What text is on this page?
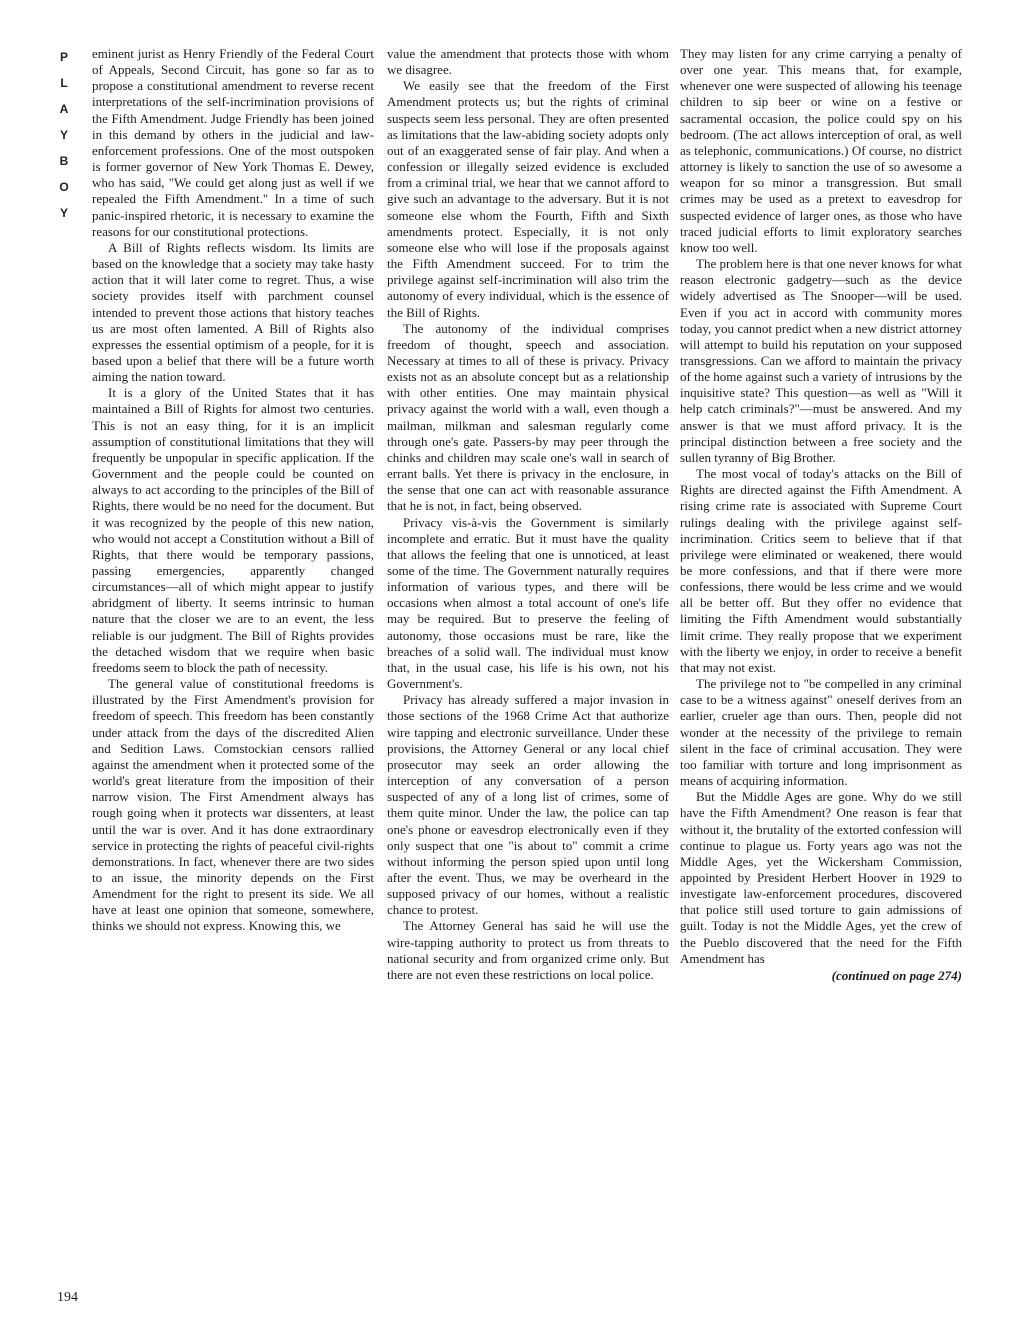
P
L
A
Y
B
O
Y

eminent jurist as Henry Friendly of the Federal Court of Appeals, Second Circuit, has gone so far as to propose a constitutional amendment to reverse recent interpretations of the self-incrimination provisions of the Fifth Amendment. Judge Friendly has been joined in this demand by others in the judicial and law-enforcement professions. One of the most outspoken is former governor of New York Thomas E. Dewey, who has said, "We could get along just as well if we repealed the Fifth Amendment." In a time of such panic-inspired rhetoric, it is necessary to examine the reasons for our constitutional protections.

A Bill of Rights reflects wisdom. Its limits are based on the knowledge that a society may take hasty action that it will later come to regret. Thus, a wise society provides itself with parchment counsel intended to prevent those actions that history teaches us are most often lamented. A Bill of Rights also expresses the essential optimism of a people, for it is based upon a belief that there will be a future worth aiming the nation toward.

It is a glory of the United States that it has maintained a Bill of Rights for almost two centuries. This is not an easy thing, for it is an implicit assumption of constitutional limitations that they will frequently be unpopular in specific application. If the Government and the people could be counted on always to act according to the principles of the Bill of Rights, there would be no need for the document. But it was recognized by the people of this new nation, who would not accept a Constitution without a Bill of Rights, that there would be temporary passions, passing emergencies, apparently changed circumstances—all of which might appear to justify abridgment of liberty. It seems intrinsic to human nature that the closer we are to an event, the less reliable is our judgment. The Bill of Rights provides the detached wisdom that we require when basic freedoms seem to block the path of necessity.

The general value of constitutional freedoms is illustrated by the First Amendment's provision for freedom of speech. This freedom has been constantly under attack from the days of the discredited Alien and Sedition Laws. Comstockian censors rallied against the amendment when it protected some of the world's great literature from the imposition of their narrow vision. The First Amendment always has rough going when it protects war dissenters, at least until the war is over. And it has done extraordinary service in protecting the rights of peaceful civil-rights demonstrations. In fact, whenever there are two sides to an issue, the minority depends on the First Amendment for the right to present its side. We all have at least one opinion that someone, somewhere, thinks we should not express. Knowing this, we

value the amendment that protects those with whom we disagree.

We easily see that the freedom of the First Amendment protects us; but the rights of criminal suspects seem less personal. They are often presented as limitations that the law-abiding society adopts only out of an exaggerated sense of fair play. And when a confession or illegally seized evidence is excluded from a criminal trial, we hear that we cannot afford to give such an advantage to the adversary. But it is not someone else whom the Fourth, Fifth and Sixth amendments protect. Especially, it is not only someone else who will lose if the proposals against the Fifth Amendment succeed. For to trim the privilege against self-incrimination will also trim the autonomy of every individual, which is the essence of the Bill of Rights.

The autonomy of the individual comprises freedom of thought, speech and association. Necessary at times to all of these is privacy. Privacy exists not as an absolute concept but as a relationship with other entities. One may maintain physical privacy against the world with a wall, even though a mailman, milkman and salesman regularly come through one's gate. Passers-by may peer through the chinks and children may scale one's wall in search of errant balls. Yet there is privacy in the enclosure, in the sense that one can act with reasonable assurance that he is not, in fact, being observed.

Privacy vis-à-vis the Government is similarly incomplete and erratic. But it must have the quality that allows the feeling that one is unnoticed, at least some of the time. The Government naturally requires information of various types, and there will be occasions when almost a total account of one's life may be required. But to preserve the feeling of autonomy, those occasions must be rare, like the breaches of a solid wall. The individual must know that, in the usual case, his life is his own, not his Government's.

Privacy has already suffered a major invasion in those sections of the 1968 Crime Act that authorize wire tapping and electronic surveillance. Under these provisions, the Attorney General or any local chief prosecutor may seek an order allowing the interception of any conversation of a person suspected of any of a long list of crimes, some of them quite minor. Under the law, the police can tap one's phone or eavesdrop electronically even if they only suspect that one "is about to" commit a crime without informing the person spied upon until long after the event. Thus, we may be overheard in the supposed privacy of our homes, without a realistic chance to protest.

The Attorney General has said he will use the wire-tapping authority to protect us from threats to national security and from organized crime only. But there are not even these restrictions on local police.

They may listen for any crime carrying a penalty of over one year. This means that, for example, whenever one were suspected of allowing his teenage children to sip beer or wine on a festive or sacramental occasion, the police could spy on his bedroom. (The act allows interception of oral, as well as telephonic, communications.) Of course, no district attorney is likely to sanction the use of so awesome a weapon for so minor a transgression. But small crimes may be used as a pretext to eavesdrop for suspected evidence of larger ones, as those who have traced judicial efforts to limit exploratory searches know too well.

The problem here is that one never knows for what reason electronic gadgetry—such as the device widely advertised as The Snooper—will be used. Even if you act in accord with community mores today, you cannot predict when a new district attorney will attempt to build his reputation on your supposed transgressions. Can we afford to maintain the privacy of the home against such a variety of intrusions by the inquisitive state? This question—as well as "Will it help catch criminals?"—must be answered. And my answer is that we must afford privacy. It is the principal distinction between a free society and the sullen tyranny of Big Brother.

The most vocal of today's attacks on the Bill of Rights are directed against the Fifth Amendment. A rising crime rate is associated with Supreme Court rulings dealing with the privilege against self-incrimination. Critics seem to believe that if that privilege were eliminated or weakened, there would be more confessions, and that if there were more confessions, there would be less crime and we would all be better off. But they offer no evidence that limiting the Fifth Amendment would substantially limit crime. They really propose that we experiment with the liberty we enjoy, in order to receive a benefit that may not exist.

The privilege not to "be compelled in any criminal case to be a witness against" oneself derives from an earlier, crueler age than ours. Then, people did not wonder at the necessity of the privilege to remain silent in the face of criminal accusation. They were too familiar with torture and long imprisonment as means of acquiring information.

But the Middle Ages are gone. Why do we still have the Fifth Amendment? One reason is fear that without it, the brutality of the extorted confession will continue to plague us. Forty years ago was not the Middle Ages, yet the Wickersham Commission, appointed by President Herbert Hoover in 1929 to investigate law-enforcement procedures, discovered that police still used torture to gain admissions of guilt. Today is not the Middle Ages, yet the crew of the Pueblo discovered that the need for the Fifth Amendment has

(continued on page 274)
194
